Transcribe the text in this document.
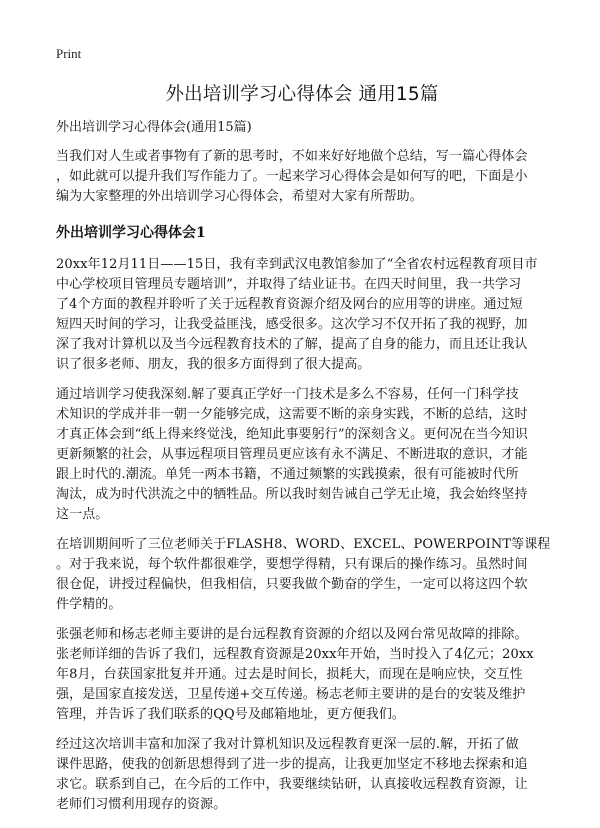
Print
外出培训学习心得体会 通用15篇
外出培训学习心得体会(通用15篇)
当我们对人生或者事物有了新的思考时，不如来好好地做个总结，写一篇心得体会
，如此就可以提升我们写作能力了。一起来学习心得体会是如何写的吧，下面是小
编为大家整理的外出培训学习心得体会，希望对大家有所帮助。
外出培训学习心得体会1
20xx年12月11日——15日，我有幸到武汉电教馆参加了“全省农村远程教育项目市
中心学校项目管理员专题培训”，并取得了结业证书。在四天时间里，我一共学习
了4个方面的教程并聆听了关于远程教育资源介绍及网台的应用等的讲座。通过短
短四天时间的学习，让我受益匪浅，感受很多。这次学习不仅开拓了我的视野，加
深了我对计算机以及当今远程教育技术的了解，提高了自身的能力，而且还让我认
识了很多老师、朋友，我的很多方面得到了很大提高。
通过培训学习使我深刻.解了要真正学好一门技术是多么不容易，任何一门科学技
术知识的学成并非一朝一夕能够完成，这需要不断的亲身实践，不断的总结，这时
才真正体会到“纸上得来终觉浅，绝知此事要躬行”的深刻含义。更何况在当今知识
更新频繁的社会，从事远程项目管理员更应该有永不满足、不断进取的意识，才能
跟上时代的.潮流。单凭一两本书籍，不通过频繁的实践摸索，很有可能被时代所
淘汰，成为时代洪流之中的牺牲品。所以我时刻告诫自己学无止境，我会始终坚持
这一点。
在培训期间听了三位老师关于FLASH8、WORD、EXCEL、POWERPOINT等课程
。对于我来说，每个软件都很难学，要想学得精，只有课后的操作练习。虽然时间
很仓促，讲授过程偏快，但我相信，只要我做个勤奋的学生，一定可以将这四个软
件学精的。
张强老师和杨志老师主要讲的是台远程教育资源的介绍以及网台常见故障的排除。
张老师详细的告诉了我们，远程教育资源是20xx年开始，当时投入了4亿元；20xx
年8月，台获国家批复并开通。过去是时间长，损耗大，而现在是响应快，交互性
强，是国家直接发送，卫星传递+交互传递。杨志老师主要讲的是台的安装及维护
管理，并告诉了我们联系的QQ号及邮箱地址，更方便我们。
经过这次培训丰富和加深了我对计算机知识及远程教育更深一层的.解，开拓了做
课件思路，使我的创新思想得到了进一步的提高，让我更加坚定不移地去探索和追
求它。联系到自己，在今后的工作中，我要继续钻研，认真接收远程教育资源，让
老师们习惯利用现存的资源。
